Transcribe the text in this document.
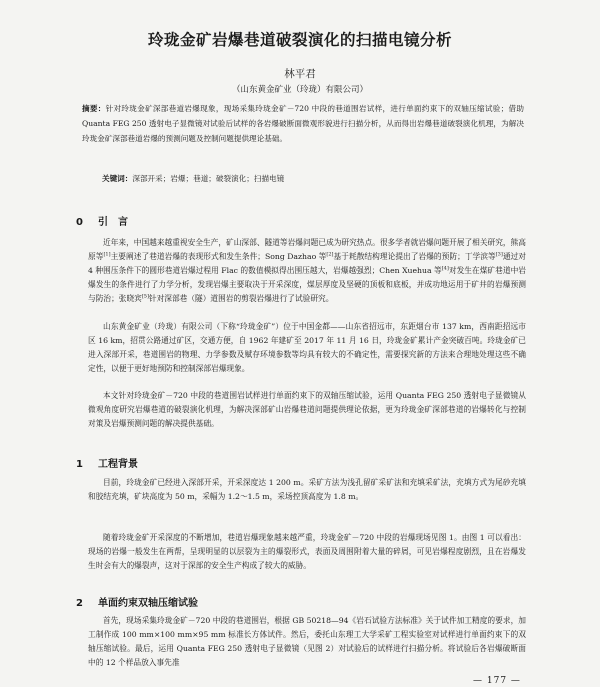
玲珑金矿岩爆巷道破裂演化的扫描电镜分析
林平君
（山东黄金矿业（玲珑）有限公司）
摘要：针对玲珑金矿深部巷道岩爆现象，现场采集玲珑金矿－720 中段的巷道围岩试样，进行单面约束下的双轴压缩试验；借助 Quanta FEG 250 透射电子显微镜对试验后试样的各岩爆破断面微观形貌进行扫描分析，从而得出岩爆巷道破裂演化机理，为解决玲珑金矿深部巷道岩爆的预测问题及控制问题提供理论基础。
关键词：深部开采；岩爆；巷道；破裂演化；扫描电镜
0 引　言
近年来，中国越来越重视安全生产，矿山深部、隧道等岩爆问题已成为研究热点。很多学者就岩爆问题开展了相关研究，熊高原等[1]主要阐述了巷道岩爆的表现形式和发生条件；Song Dazhao 等[2]基于耗散结构理论提出了岩爆的预防；丁学滨等[3]通过对 4 种围压条件下的圆形巷道岩爆过程用 Flac 的数值模拟得出围压越大，岩爆越强烈；Chen Xuehua 等[4]对发生在煤矿巷道中岩爆发生的条件进行了力学分析，发现岩爆主要取决于开采深度，煤层厚度及坚硬的顶板和底板，并成功地运用于矿井的岩爆预测与防治；张晓宾[5]针对深部巷（隧）道围岩的剪裂岩爆进行了试验研究。
山东黄金矿业（玲珑）有限公司（下称“玲珑金矿”）位于中国金都——山东省招远市，东距烟台市 137 km，西南距招远市区 16 km，招贯公路通过矿区，交通方便，自 1962 年建矿至 2017 年 11 月 16 日，玲珑金矿累计产金突破百吨。玲珑金矿已进入深部开采，巷道围岩的物理、力学参数及赋存环境参数等均具有较大的不确定性，需要探究新的方法来合理地处理这些不确定性，以便于更好地预防和控制深部岩爆现象。
本文针对玲珑金矿－720 中段的巷道围岩试样进行单面约束下的双轴压缩试验，运用 Quanta FEG 250 透射电子显微镜从微观角度研究岩爆巷道的破裂演化机理，为解决深部矿山岩爆巷道问题提供理论依据，更为玲珑金矿深部巷道的岩爆转化与控制对策及岩爆预测问题的解决提供基础。
1 工程背景
目前，玲珑金矿已经进入深部开采，开采深度达 1 200 m。采矿方法为浅孔留矿采矿法和充填采矿法，充填方式为尾砂充填和胶结充填，矿块高度为 50 m，采幅为 1.2～1.5 m，采场控顶高度为 1.8 m。
随着玲珑金矿开采深度的不断增加，巷道岩爆现象越来越严重，玲珑金矿－720 中段的岩爆现场见图 1。由图 1 可以看出：现场的岩爆一般发生在两帮，呈现明显的以层裂为主的爆裂形式，表面及周围附着大量的碎屑，可见岩爆程度剧烈，且在岩爆发生时会有大的爆裂声，这对于深部的安全生产构成了较大的威胁。
2 单面约束双轴压缩试验
首先，现场采集玲珑金矿－720 中段的巷道围岩，根据 GB 50218—94《岩石试验方法标准》关于试件加工精度的要求，加工制作成 100 mm×100 mm×95 mm 标准长方体试件。然后，委托山东理工大学采矿工程实验室对试样进行单面约束下的双轴压缩试验。最后，运用 Quanta FEG 250 透射电子显微镜（见图 2）对试验后的试样进行扫描分析。将试验后各岩爆破断面中的 12 个样品放入事先准
— 177 —
